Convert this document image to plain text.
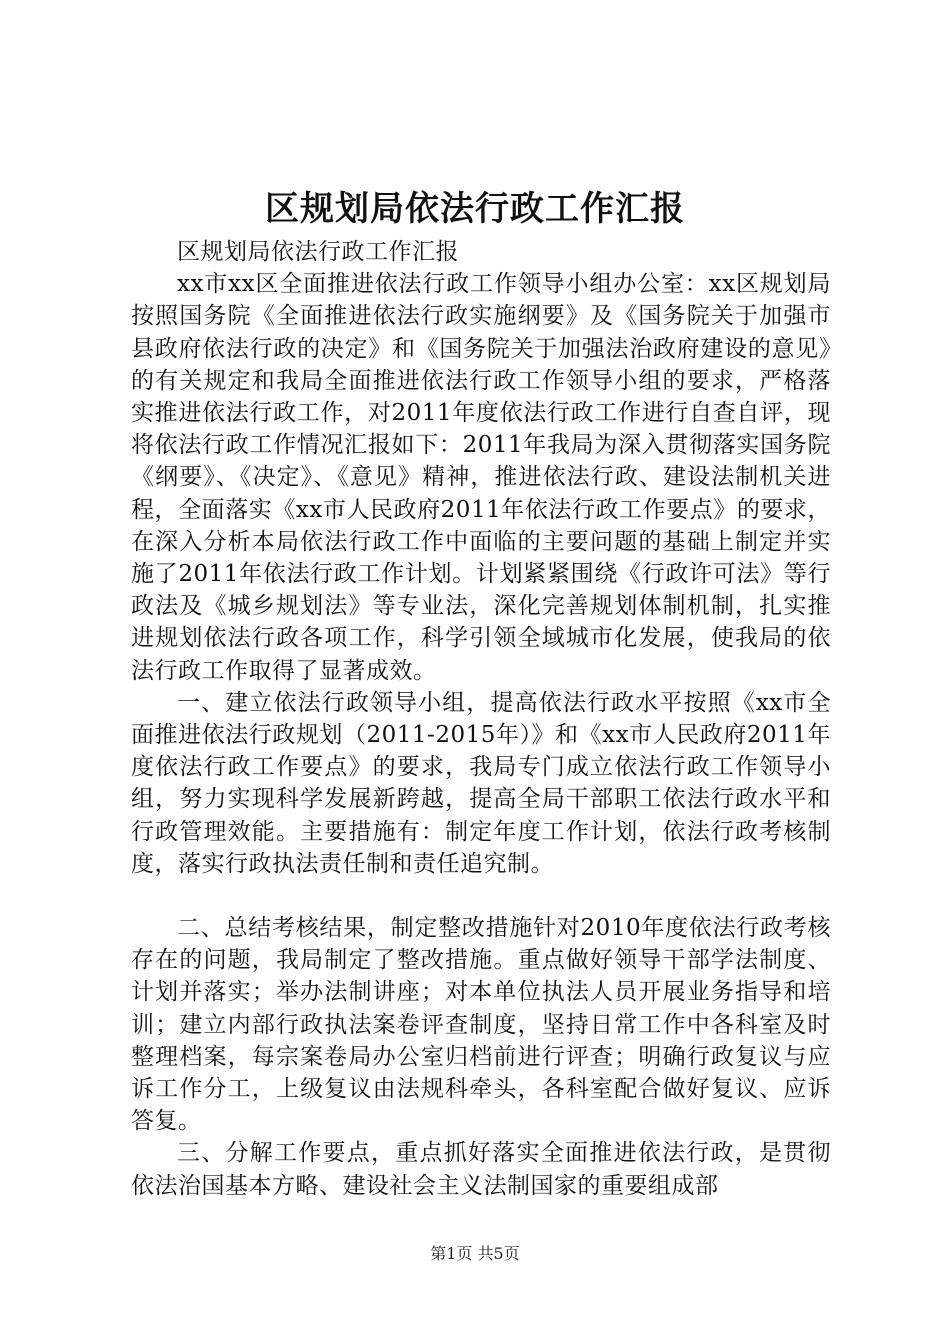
区规划局依法行政工作汇报

区规划局依法行政工作汇报

xx市xx区全面推进依法行政工作领导小组办公室：xx区规划局按照国务院《全面推进依法行政实施纲要》及《国务院关于加强市县政府依法行政的决定》和《国务院关于加强法治政府建设的意见》的有关规定和我局全面推进依法行政工作领导小组的要求，严格落实推进依法行政工作，对2011年度依法行政工作进行自查自评，现将依法行政工作情况汇报如下：2011年我局为深入贯彻落实国务院《纲要》、《决定》、《意见》精神，推进依法行政、建设法制机关进程，全面落实《xx市人民政府2011年依法行政工作要点》的要求，在深入分析本局依法行政工作中面临的主要问题的基础上制定并实施了2011年依法行政工作计划。计划紧紧围绕《行政许可法》等行政法及《城乡规划法》等专业法，深化完善规划体制机制，扎实推进规划依法行政各项工作，科学引领全域城市化发展，使我局的依法行政工作取得了显著成效。

一、建立依法行政领导小组，提高依法行政水平按照《xx市全面推进依法行政规划（2011-2015年）》和《xx市人民政府2011年度依法行政工作要点》的要求，我局专门成立依法行政工作领导小组，努力实现科学发展新跨越，提高全局干部职工依法行政水平和行政管理效能。主要措施有：制定年度工作计划，依法行政考核制度，落实行政执法责任制和责任追究制。

二、总结考核结果，制定整改措施针对2010年度依法行政考核存在的问题，我局制定了整改措施。重点做好领导干部学法制度、计划并落实；举办法制讲座；对本单位执法人员开展业务指导和培训；建立内部行政执法案卷评查制度，坚持日常工作中各科室及时整理档案，每宗案卷局办公室归档前进行评查；明确行政复议与应诉工作分工，上级复议由法规科牵头，各科室配合做好复议、应诉答复。

三、分解工作要点，重点抓好落实全面推进依法行政，是贯彻依法治国基本方略、建设社会主义法制国家的重要组成部

第1页 共5页
